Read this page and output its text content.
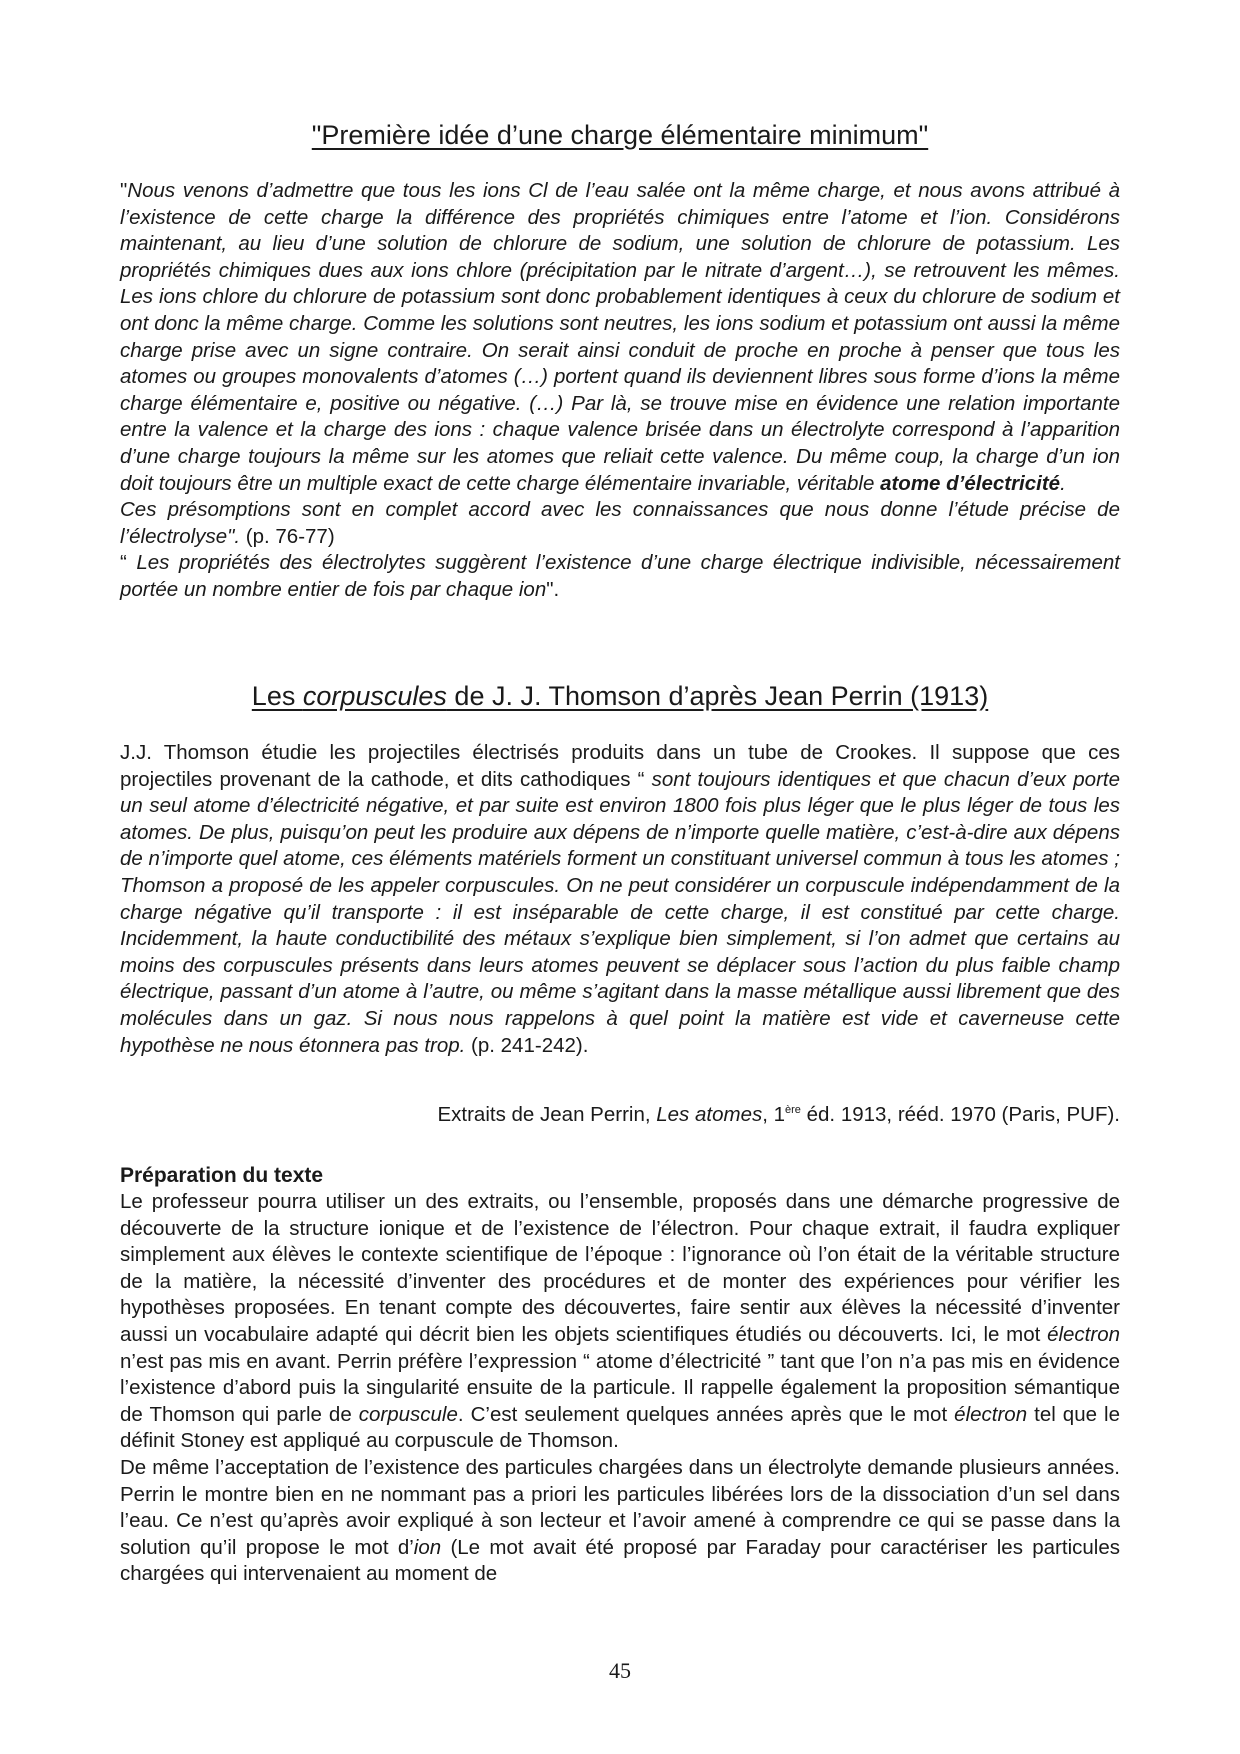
"Première idée d’une charge élémentaire minimum"

"Nous venons d’admettre que tous les ions Cl de l’eau salée ont la même charge, et nous avons attribué à l’existence de cette charge la différence des propriétés chimiques entre l’atome et l’ion. Considérons maintenant, au lieu d’une solution de chlorure de sodium, une solution de chlorure de potassium. Les propriétés chimiques dues aux ions chlore (précipitation par le nitrate d’argent…), se retrouvent les mêmes. Les ions chlore du chlorure de potassium sont donc probablement identiques à ceux du chlorure de sodium et ont donc la même charge. Comme les solutions sont neutres, les ions sodium et potassium ont aussi la même charge prise avec un signe contraire. On serait ainsi conduit de proche en proche à penser que tous les atomes ou groupes monovalents d’atomes (…) portent quand ils deviennent libres sous forme d’ions la même charge élémentaire e, positive ou négative. (…) Par là, se trouve mise en évidence une relation importante entre la valence et la charge des ions : chaque valence brisée dans un électrolyte correspond à l’apparition d’une charge toujours la même sur les atomes que reliait cette valence. Du même coup, la charge d’un ion doit toujours être un multiple exact de cette charge élémentaire invariable, véritable atome d’électricité.

Ces présomptions sont en complet accord avec les connaissances que nous donne l’étude précise de l’électrolyse". (p. 76-77)

“ Les propriétés des électrolytes suggèrent l’existence d’une charge électrique indivisible, nécessairement portée un nombre entier de fois par chaque ion".

Les corpuscules de J. J. Thomson d’après Jean Perrin (1913)

J.J. Thomson étudie les projectiles électrisés produits dans un tube de Crookes. Il suppose que ces projectiles provenant de la cathode, et dits cathodiques “ sont toujours identiques et que chacun d’eux porte un seul atome d’électricité négative, et par suite est environ 1800 fois plus léger que le plus léger de tous les atomes. De plus, puisqu’on peut les produire aux dépens de n’importe quelle matière, c’est-à-dire aux dépens de n’importe quel atome, ces éléments matériels forment un constituant universel commun à tous les atomes ; Thomson a proposé de les appeler corpuscules. On ne peut considérer un corpuscule indépendamment de la charge négative qu’il transporte : il est inséparable de cette charge, il est constitué par cette charge. Incidemment, la haute conductibilité des métaux s’explique bien simplement, si l’on admet que certains au moins des corpuscules présents dans leurs atomes peuvent se déplacer sous l’action du plus faible champ électrique, passant d’un atome à l’autre, ou même s’agitant dans la masse métallique aussi librement que des molécules dans un gaz. Si nous nous rappelons à quel point la matière est vide et caverneuse cette hypothèse ne nous étonnera pas trop. (p. 241-242).

Extraits de Jean Perrin, Les atomes, 1ère éd. 1913, rééd. 1970 (Paris, PUF).
Préparation du texte

Le professeur pourra utiliser un des extraits, ou l’ensemble, proposés dans une démarche progressive de découverte de la structure ionique et de l’existence de l’électron. Pour chaque extrait, il faudra expliquer simplement aux élèves le contexte scientifique de l’époque : l’ignorance où l’on était de la véritable structure de la matière, la nécessité d’inventer des procédures et de monter des expériences pour vérifier les hypothèses proposées. En tenant compte des découvertes, faire sentir aux élèves la nécessité d’inventer aussi un vocabulaire adapté qui décrit bien les objets scientifiques étudiés ou découverts. Ici, le mot électron n’est pas mis en avant. Perrin préfère l’expression “ atome d’électricité ” tant que l’on n’a pas mis en évidence l’existence d’abord puis la singularité ensuite de la particule. Il rappelle également la proposition sémantique de Thomson qui parle de corpuscule. C’est seulement quelques années après que le mot électron tel que le définit Stoney est appliqué au corpuscule de Thomson.

De même l’acceptation de l’existence des particules chargées dans un électrolyte demande plusieurs années. Perrin le montre bien en ne nommant pas a priori les particules libérées lors de la dissociation d’un sel dans l’eau. Ce n’est qu’après avoir expliqué à son lecteur et l’avoir amené à comprendre ce qui se passe dans la solution qu’il propose le mot d’ion (Le mot avait été proposé par Faraday pour caractériser les particules chargées qui intervenaient au moment de

45
